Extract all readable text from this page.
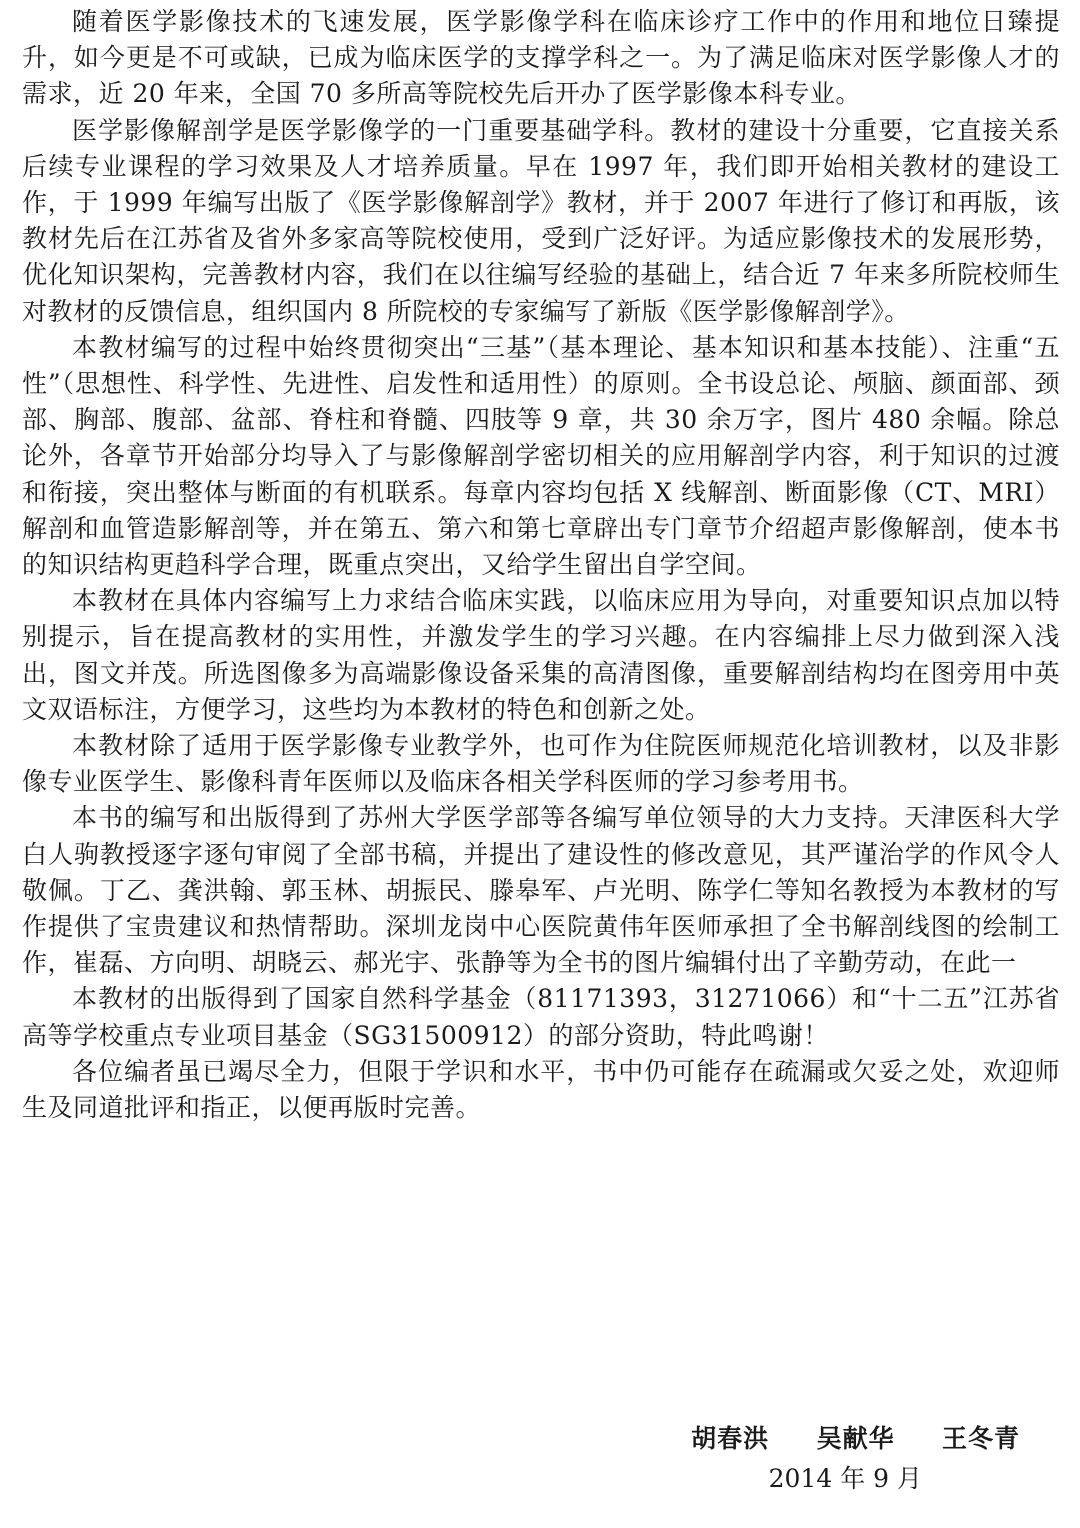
随着医学影像技术的飞速发展，医学影像学科在临床诊疗工作中的作用和地位日臻提升，如今更是不可或缺，已成为临床医学的支撑学科之一。为了满足临床对医学影像人才的需求，近 20 年来，全国 70 多所高等院校先后开办了医学影像本科专业。

医学影像解剖学是医学影像学的一门重要基础学科。教材的建设十分重要，它直接关系后续专业课程的学习效果及人才培养质量。早在 1997 年，我们即开始相关教材的建设工作，于 1999 年编写出版了《医学影像解剖学》教材，并于 2007 年进行了修订和再版，该教材先后在江苏省及省外多家高等院校使用，受到广泛好评。为适应影像技术的发展形势，优化知识架构，完善教材内容，我们在以往编写经验的基础上，结合近 7 年来多所院校师生对教材的反馈信息，组织国内 8 所院校的专家编写了新版《医学影像解剖学》。

本教材编写的过程中始终贯彻突出“三基”（基本理论、基本知识和基本技能）、注重“五性”（思想性、科学性、先进性、启发性和适用性）的原则。全书设总论、颅脑、颜面部、颈部、胸部、腹部、盆部、脊柱和脊髓、四肢等 9 章，共 30 余万字，图片 480 余幅。除总论外，各章节开始部分均导入了与影像解剖学密切相关的应用解剖学内容，利于知识的过渡和衔接，突出整体与断面的有机联系。每章内容均包括 X 线解剖、断面影像（CT、MRI）解剖和血管造影解剖等，并在第五、第六和第七章辟出专门章节介绍超声影像解剖，使本书的知识结构更趋科学合理，既重点突出，又给学生留出自学空间。

本教材在具体内容编写上力求结合临床实践，以临床应用为导向，对重要知识点加以特别提示，旨在提高教材的实用性，并激发学生的学习兴趣。在内容编排上尽力做到深入浅出，图文并茂。所选图像多为高端影像设备采集的高清图像，重要解剖结构均在图旁用中英文双语标注，方便学习，这些均为本教材的特色和创新之处。

本教材除了适用于医学影像专业教学外，也可作为住院医师规范化培训教材，以及非影像专业医学生、影像科青年医师以及临床各相关学科医师的学习参考用书。

本书的编写和出版得到了苏州大学医学部等各编写单位领导的大力支持。天津医科大学白人驹教授逐字逐句审阅了全部书稿，并提出了建设性的修改意见，其严谨治学的作风令人敬佩。丁乙、龚洪翰、郭玉林、胡振民、滕皋军、卢光明、陈学仁等知名教授为本教材的写作提供了宝贵建议和热情帮助。深圳龙岗中心医院黄伟年医师承担了全书解剖线图的绘制工作，崔磊、方向明、胡晓云、郝光宇、张静等为全书的图片编辑付出了辛勤劳动，在此一

本教材的出版得到了国家自然科学基金（81171393，31271066）和“十二五”江苏省高等学校重点专业项目基金（SG31500912）的部分资助，特此鸣谢！

各位编者虽已竭尽全力，但限于学识和水平，书中仍可能存在疏漏或欠妥之处，欢迎师生及同道批评和指正，以便再版时完善。

胡春洪  吴献华  王冬青
2014 年 9 月
